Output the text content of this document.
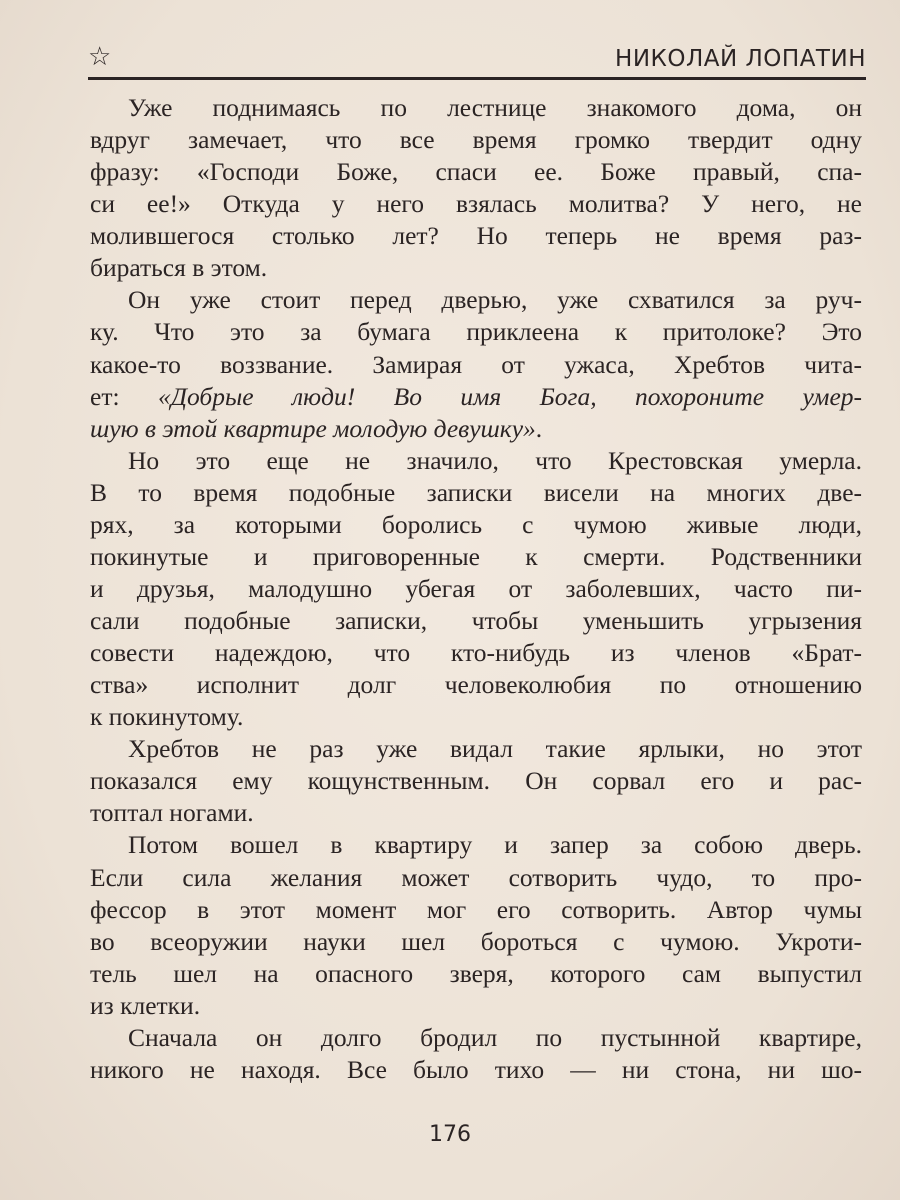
☆	НИКОЛАЙ ЛОПАТИН
Уже поднимаясь по лестнице знакомого дома, он
вдруг замечает, что все время громко твердит одну
фразу: «Господи Боже, спаси ее. Боже правый, спа-
си ее!» Откуда у него взялась молитва? У него, не
молившегося столько лет? Но теперь не время раз-
бираться в этом.
Он уже стоит перед дверью, уже схватился за руч-
ку. Что это за бумага приклеена к притолоке? Это
какое-то воззвание. Замирая от ужаса, Хребтов чита-
ет: «Добрые люди! Во имя Бога, похороните умер-
шую в этой квартире молодую девушку».
Но это еще не значило, что Крестовская умерла.
В то время подобные записки висели на многих две-
рях, за которыми боролись с чумою живые люди,
покинутые и приговоренные к смерти. Родственники
и друзья, малодушно убегая от заболевших, часто пи-
сали подобные записки, чтобы уменьшить угрызения
совести надеждою, что кто-нибудь из членов «Брат-
ства» исполнит долг человеколюбия по отношению
к покинутому.
Хребтов не раз уже видал такие ярлыки, но этот
показался ему кощунственным. Он сорвал его и рас-
топтал ногами.
Потом вошел в квартиру и запер за собою дверь.
Если сила желания может сотворить чудо, то про-
фессор в этот момент мог его сотворить. Автор чумы
во всеоружии науки шел бороться с чумою. Укроти-
тель шел на опасного зверя, которого сам выпустил
из клетки.
Сначала он долго бродил по пустынной квартире,
никого не находя. Все было тихо — ни стона, ни шо-
176
